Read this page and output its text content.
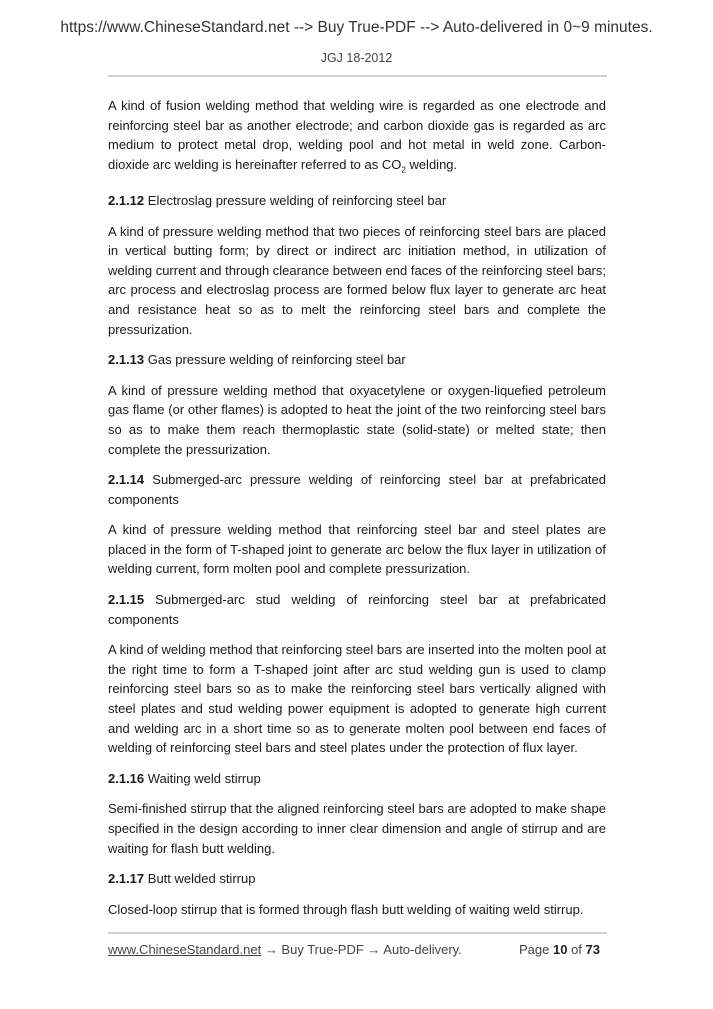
https://www.ChineseStandard.net --> Buy True-PDF --> Auto-delivered in 0~9 minutes.
JGJ 18-2012

A kind of fusion welding method that welding wire is regarded as one electrode and reinforcing steel bar as another electrode; and carbon dioxide gas is regarded as arc medium to protect metal drop, welding pool and hot metal in weld zone. Carbon-dioxide arc welding is hereinafter referred to as $CO_2$ welding.

2.1.12 Electroslag pressure welding of reinforcing steel bar

A kind of pressure welding method that two pieces of reinforcing steel bars are placed in vertical butting form; by direct or indirect arc initiation method, in utilization of welding current and through clearance between end faces of the reinforcing steel bars; arc process and electroslag process are formed below flux layer to generate arc heat and resistance heat so as to melt the reinforcing steel bars and complete the pressurization.

2.1.13 Gas pressure welding of reinforcing steel bar

A kind of pressure welding method that oxyacetylene or oxygen-liquefied petroleum gas flame (or other flames) is adopted to heat the joint of the two reinforcing steel bars so as to make them reach thermoplastic state (solid-state) or melted state; then complete the pressurization.

2.1.14 Submerged-arc pressure welding of reinforcing steel bar at prefabricated components

A kind of pressure welding method that reinforcing steel bar and steel plates are placed in the form of T-shaped joint to generate arc below the flux layer in utilization of welding current, form molten pool and complete pressurization.

2.1.15 Submerged-arc stud welding of reinforcing steel bar at prefabricated components

A kind of welding method that reinforcing steel bars are inserted into the molten pool at the right time to form a T-shaped joint after arc stud welding gun is used to clamp reinforcing steel bars so as to make the reinforcing steel bars vertically aligned with steel plates and stud welding power equipment is adopted to generate high current and welding arc in a short time so as to generate molten pool between end faces of welding of reinforcing steel bars and steel plates under the protection of flux layer.

2.1.16 Waiting weld stirrup

Semi-finished stirrup that the aligned reinforcing steel bars are adopted to make shape specified in the design according to inner clear dimension and angle of stirrup and are waiting for flash butt welding.

2.1.17 Butt welded stirrup

Closed-loop stirrup that is formed through flash butt welding of waiting weld stirrup.

www.ChineseStandard.net → Buy True-PDF → Auto-delivery.	Page 10 of 73
